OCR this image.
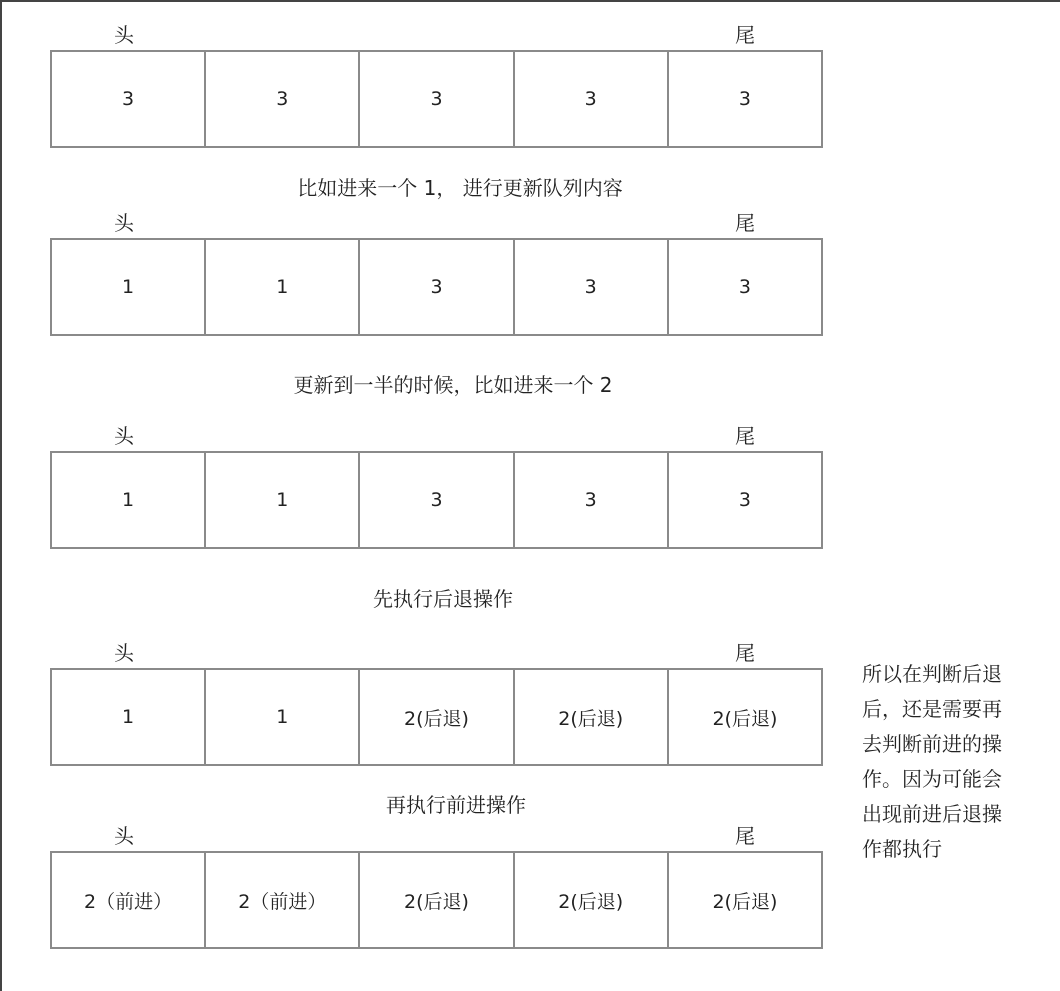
头	尾
3	3	3	3	3
头	尾
1	1	3	3	3
头	尾
1	1	3	3	3
头	尾
1	1	2(后退)	2(后退)	2(后退)
头	尾
2（前进）	2（前进）	2(后退)	2(后退)	2(后退)
比如进来一个 1， 进行更新队列内容
更新到一半的时候，比如进来一个 2
先执行后退操作
再执行前进操作
所以在判断后退
后，还是需要再
去判断前进的操
作。因为可能会
出现前进后退操
作都执行
